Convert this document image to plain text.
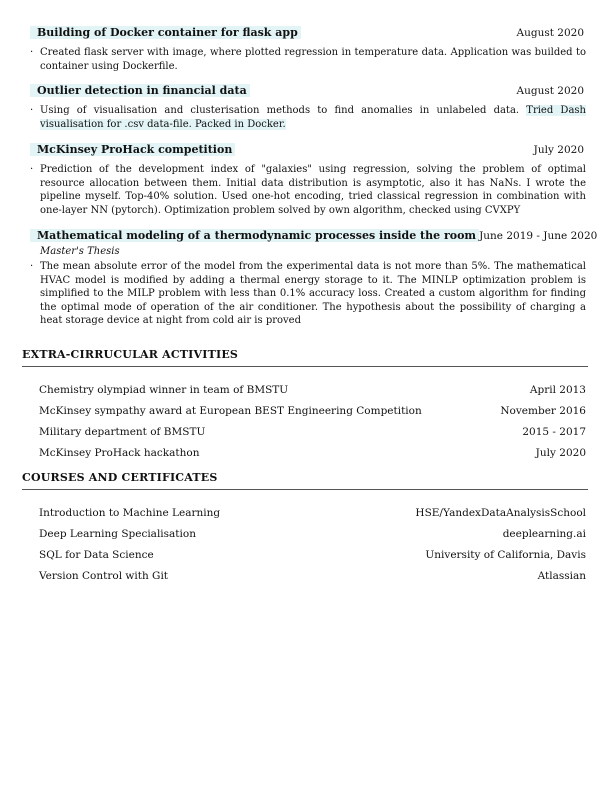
Building of Docker container for flask app	August 2020
· Created flask server with image, where plotted regression in temperature data. Application was builded to container using Dockerfile.
Outlier detection in financial data	August 2020
· Using of visualisation and clusterisation methods to find anomalies in unlabeled data. Tried Dash visualisation for .csv data-file. Packed in Docker.
McKinsey ProHack competition	July 2020
· Prediction of the development index of "galaxies" using regression, solving the problem of optimal resource allocation between them. Initial data distribution is asymptotic, also it has NaNs. I wrote the pipeline myself. Top-40% solution. Used one-hot encoding, tried classical regression in combination with one-layer NN (pytorch). Optimization problem solved by own algorithm, checked using CVXPY
Mathematical modeling of a thermodynamic processes inside the room June 2019 - June 2020
Master's Thesis
· The mean absolute error of the model from the experimental data is not more than 5%. The mathematical HVAC model is modified by adding a thermal energy storage to it. The MINLP optimization problem is simplified to the MILP problem with less than 0.1% accuracy loss. Created a custom algorithm for finding the optimal mode of operation of the air conditioner. The hypothesis about the possibility of charging a heat storage device at night from cold air is proved
EXTRA-CIRRUCULAR ACTIVITIES
Chemistry olympiad winner in team of BMSTU	April 2013
McKinsey sympathy award at European BEST Engineering Competition	November 2016
Military department of BMSTU	2015 - 2017
McKinsey ProHack hackathon	July 2020
COURSES AND CERTIFICATES
Introduction to Machine Learning	HSE/YandexDataAnalysisSchool
Deep Learning Specialisation	deeplearning.ai
SQL for Data Science	University of California, Davis
Version Control with Git	Atlassian
